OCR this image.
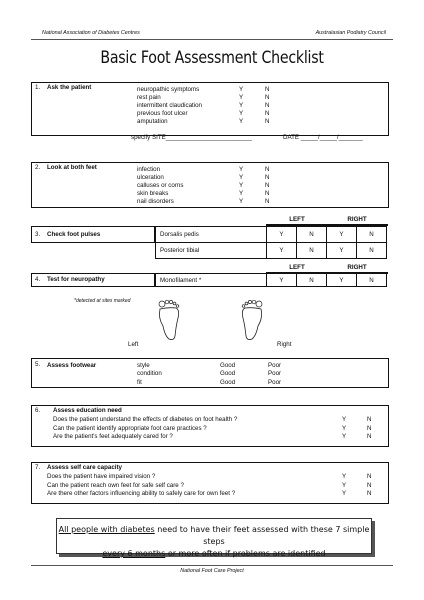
National Association of Diabetes Centres	Australasian Podiatry Council
Basic Foot Assessment Checklist
1. Ask the patient	neuropathic symptoms	Y	N
rest pain	Y	N
intermittent claudication	Y	N
previous foot ulcer	Y	N
amputation	Y	N
specify SITE_________________________	DATE _____/_____/_______
2. Look at both feet	infection	Y	N
ulceration	Y	N
calluses or corns	Y	N
skin breaks	Y	N
nail disorders	Y	N
LEFT	RIGHT
3. Check foot pulses	Dorsalis pedis	Y	N	Y	N
Posterior tibial	Y	N	Y	N
LEFT	RIGHT
4. Test for neuropathy	Monofilament *	Y	N	Y	N
*detected at sites marked
Left	Right
5. Assess footwear	style	Good	Poor
condition	Good	Poor
fit	Good	Poor
6. Assess education need
Does the patient understand the effects of diabetes on foot health ?	Y	N
Can the patient identify appropriate foot care practices ?	Y	N
Are the patient's feet adequately cared for ?	Y	N
7. Assess self care capacity
Does the patient have impaired vision ?	Y	N
Can the patient reach own feet for safe self care ?	Y	N
Are there other factors influencing ability to safely care for own feet ?	Y	N
All people with diabetes need to have their feet assessed with these 7 simple steps
every 6 months or more often if problems are identified
National Foot Care Project
